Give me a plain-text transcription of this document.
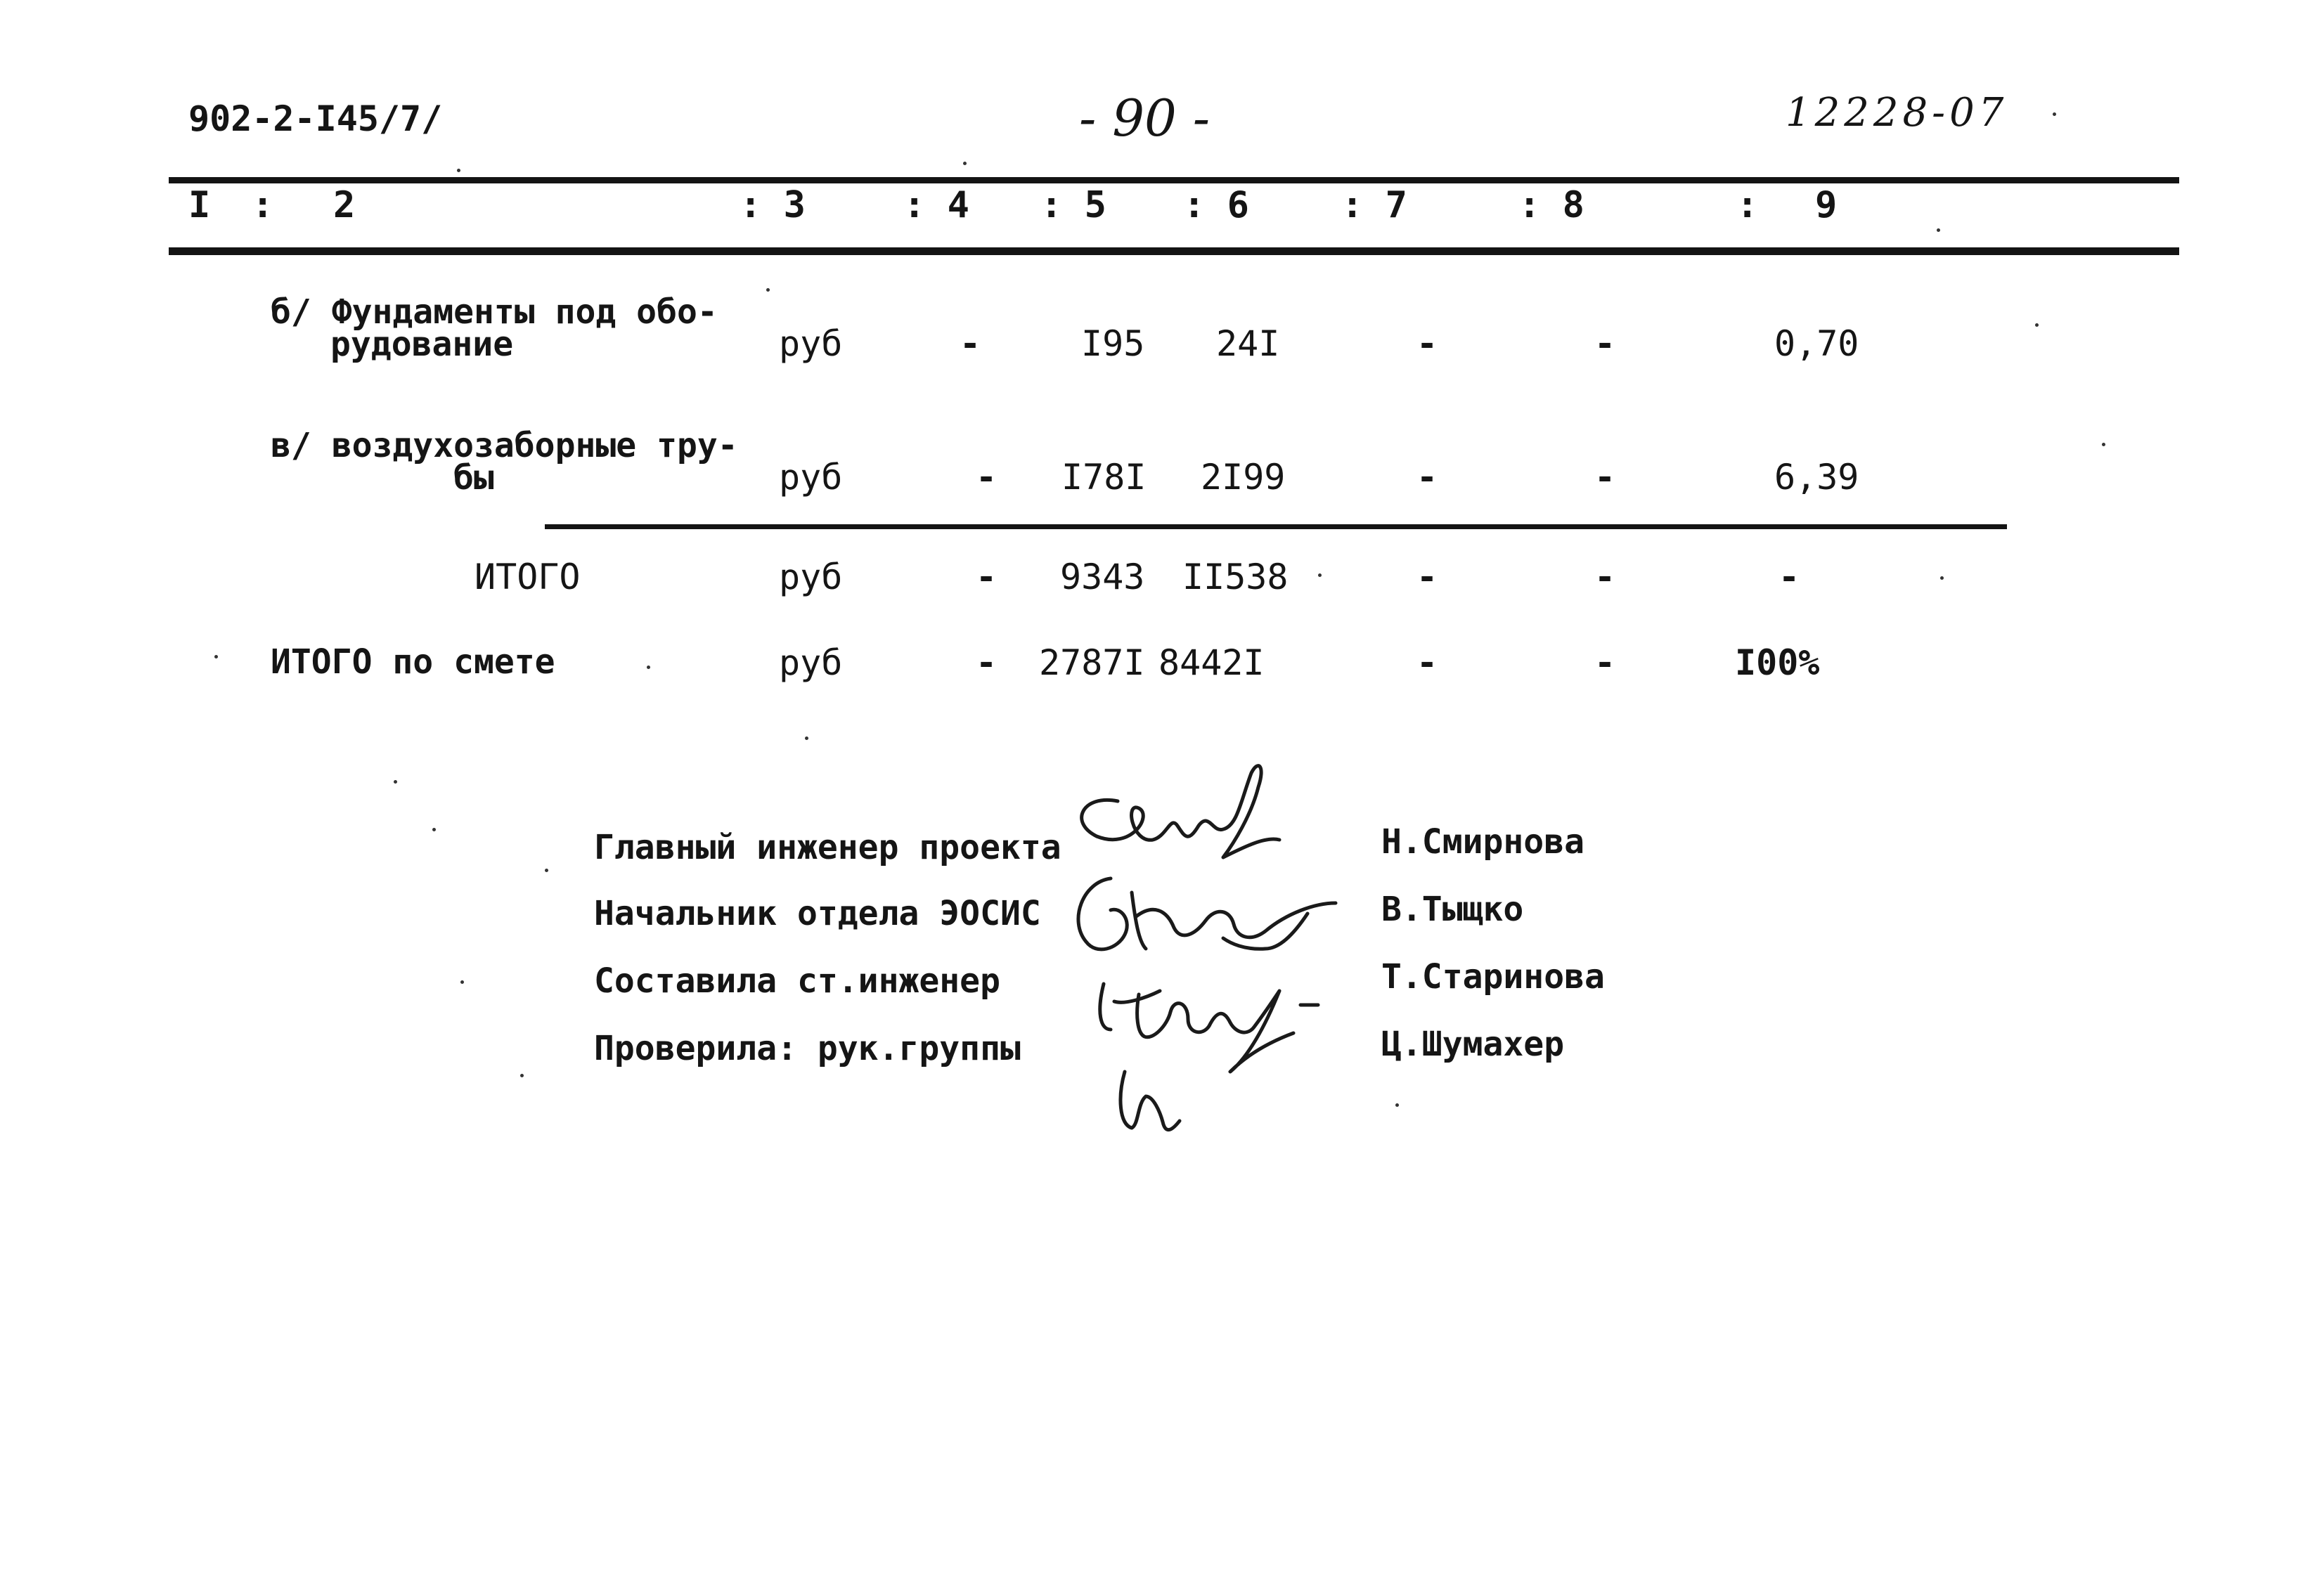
902-2-I45/7/	- 90 -	12228-07
I : 2	: 3	: 4 : 5 : 6	: 7	: 8	: 9
б/ Фундаменты под обо-
рудование	руб	-	I95 24I	-	-	0,70
в/ воздухозаборные тру-
бы	руб	- I78I 2I99	-	-	6,39
ИТОГО	руб	- 9343 II538	-	-	-
ИТОГО по смете	руб	- 2787I 8442I	-	-	I00%
Главный инженер проекта
Начальник отдела ЭОСИС
Составила ст.инженер
Проверила: рук.группы
Н.Смирнова
В.Тыщко
Т.Старинова
Ц.Шумахер
